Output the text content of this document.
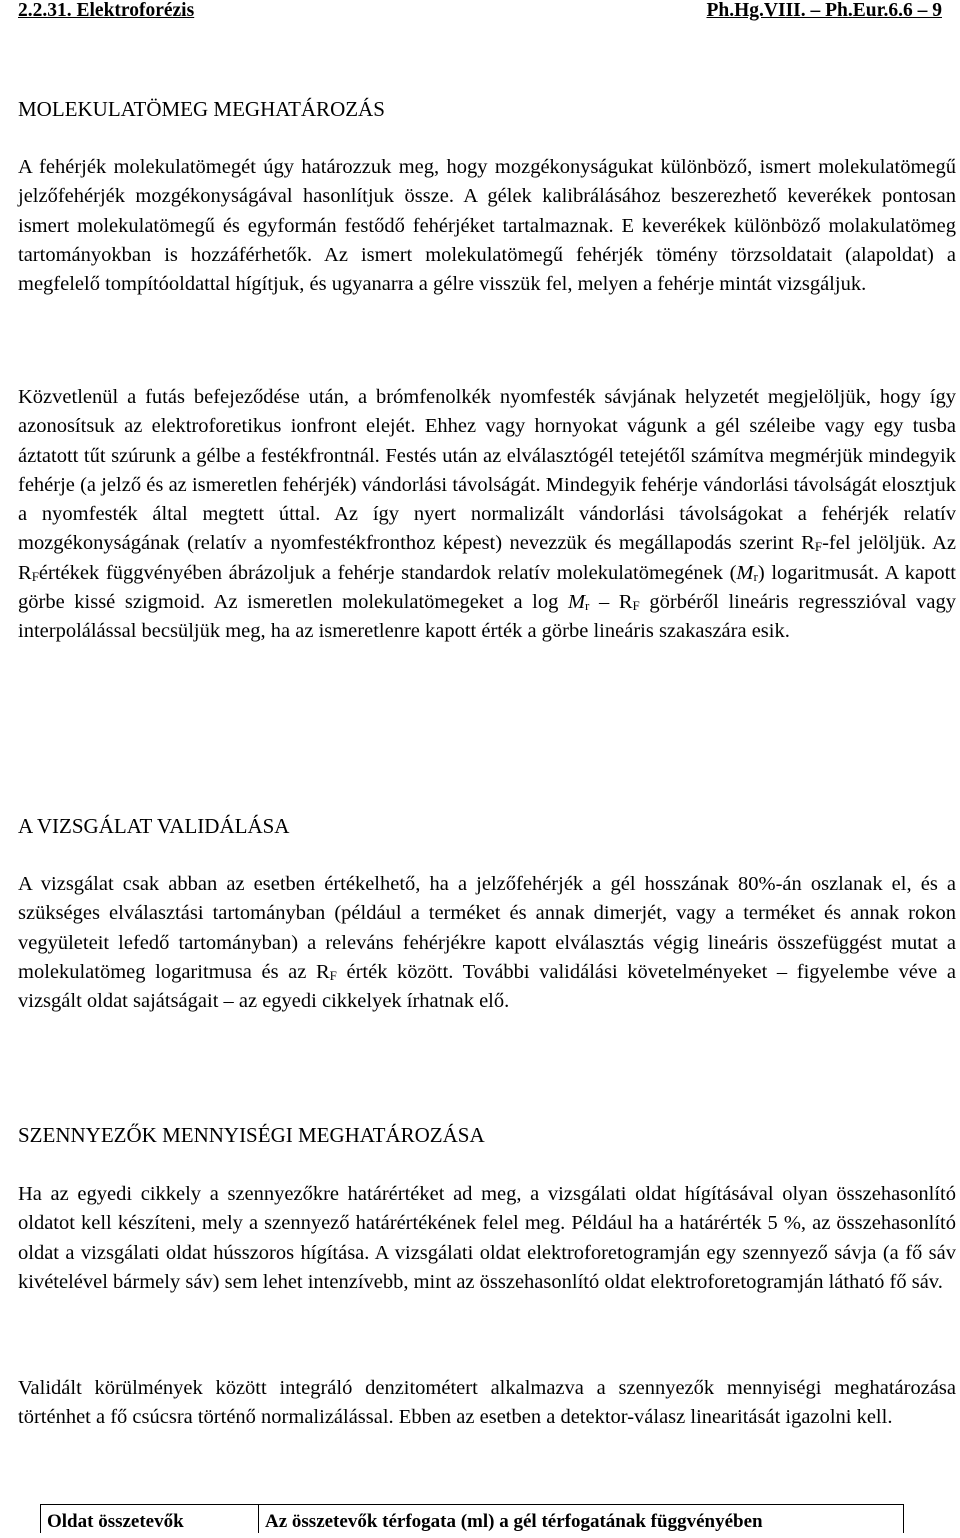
2.2.31. Elektroforézis	Ph.Hg.VIII. – Ph.Eur.6.6 – 9
MOLEKULATÖMEG MEGHATÁROZÁS

A fehérjék molekulatömegét úgy határozzuk meg, hogy mozgékonyságukat különböző, ismert molekulatömegű jelzőfehérjék mozgékonyságával hasonlítjuk össze. A gélek kalibrálásához beszerezhető keverékek pontosan ismert molekulatömegű és egyformán festődő fehérjéket tartalmaznak. E keverékek különböző molakulatömeg tartományokban is hozzáférhetők. Az ismert molekulatömegű fehérjék tömény törzsoldatait (alapoldat) a megfelelő tompítóoldattal hígítjuk, és ugyanarra a gélre visszük fel, melyen a fehérje mintát vizsgáljuk.

Közvetlenül a futás befejeződése után, a brómfenolkék nyomfesték sávjának helyzetét megjelöljük, hogy így azonosítsuk az elektroforetikus ionfront elejét. Ehhez vagy hornyokat vágunk a gél széleibe vagy egy tusba áztatott tűt szúrunk a gélbe a festékfrontnál. Festés után az elválasztógél tetejétől számítva megmérjük mindegyik fehérje (a jelző és az ismeretlen fehérjék) vándorlási távolságát. Mindegyik fehérje vándorlási távolságát elosztjuk a nyomfesték által megtett úttal. Az így nyert normalizált vándorlási távolságokat a fehérjék relatív mozgékonyságának (relatív a nyomfestékfronthoz képest) nevezzük és megállapodás szerint RF-fel jelöljük. Az RFértékek függvényében ábrázoljuk a fehérje standardok relatív molekulatömegének (Mr) logaritmusát. A kapott görbe kissé szigmoid. Az ismeretlen molekulatömegeket a log Mr – RF görbéről lineáris regresszióval vagy interpolálással becsüljük meg, ha az ismeretlenre kapott érték a görbe lineáris szakaszára esik.

A VIZSGÁLAT VALIDÁLÁSA

A vizsgálat csak abban az esetben értékelhető, ha a jelzőfehérjék a gél hosszának 80%-án oszlanak el, és a szükséges elválasztási tartományban (például a terméket és annak dimerjét, vagy a terméket és annak rokon vegyületeit lefedő tartományban) a releváns fehérjékre kapott elválasztás végig lineáris összefüggést mutat a molekulatömeg logaritmusa és az RF érték között. További validálási követelményeket – figyelembe véve a vizsgált oldat sajátságait – az egyedi cikkelyek írhatnak elő.

SZENNYEZŐK MENNYISÉGI MEGHATÁROZÁSA

Ha az egyedi cikkely a szennyezőkre határértéket ad meg, a vizsgálati oldat hígításával olyan összehasonlító oldatot kell készíteni, mely a szennyező határértékének felel meg. Például ha a határérték 5 %, az összehasonlító oldat a vizsgálati oldat hússzoros hígítása. A vizsgálati oldat elektroforetogramján egy szennyező sávja (a fő sáv kivételével bármely sáv) sem lehet intenzívebb, mint az összehasonlító oldat elektroforetogramján látható fő sáv.

Validált körülmények között integráló denzitométert alkalmazva a szennyezők mennyiségi meghatározása történhet a fő csúcsra történő normalizálással. Ebben az esetben a detektor-válasz linearitását igazolni kell.

Oldat összetevők	Az összetevők térfogata (ml) a gél térfogatának függvényében
